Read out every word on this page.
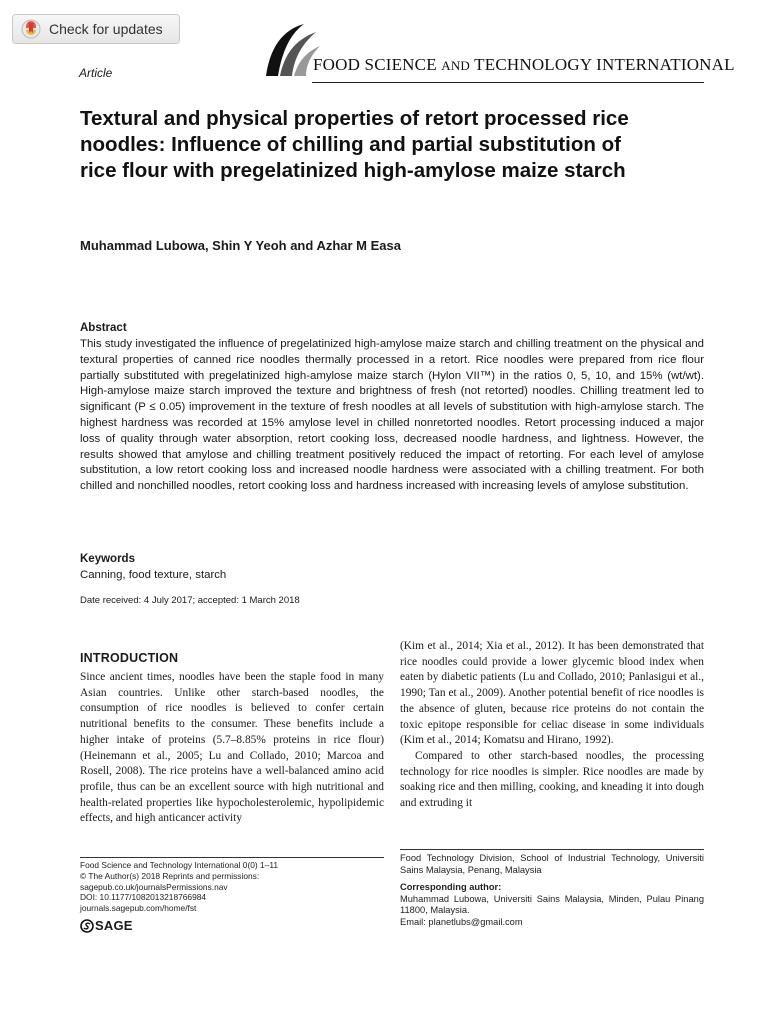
Check for updates
FOOD SCIENCE AND TECHNOLOGY INTERNATIONAL
Article
Textural and physical properties of retort processed rice noodles: Influence of chilling and partial substitution of rice flour with pregelatinized high-amylose maize starch
Muhammad Lubowa, Shin Y Yeoh and Azhar M Easa
Abstract

This study investigated the influence of pregelatinized high-amylose maize starch and chilling treatment on the physical and textural properties of canned rice noodles thermally processed in a retort. Rice noodles were prepared from rice flour partially substituted with pregelatinized high-amylose maize starch (Hylon VII™) in the ratios 0, 5, 10, and 15% (wt/wt). High-amylose maize starch improved the texture and brightness of fresh (not retorted) noodles. Chilling treatment led to significant (P ≤ 0.05) improvement in the texture of fresh noodles at all levels of substitution with high-amylose starch. The highest hardness was recorded at 15% amylose level in chilled nonretorted noodles. Retort processing induced a major loss of quality through water absorption, retort cooking loss, decreased noodle hardness, and lightness. However, the results showed that amylose and chilling treatment positively reduced the impact of retorting. For each level of amylose substitution, a low retort cooking loss and increased noodle hardness were associated with a chilling treatment. For both chilled and nonchilled noodles, retort cooking loss and hardness increased with increasing levels of amylose substitution.

Keywords
Canning, food texture, starch
Date received: 4 July 2017; accepted: 1 March 2018
INTRODUCTION

Since ancient times, noodles have been the staple food in many Asian countries. Unlike other starch-based noodles, the consumption of rice noodles is believed to confer certain nutritional benefits to the consumer. These benefits include a higher intake of proteins (5.7–8.85% proteins in rice flour) (Heinemann et al., 2005; Lu and Collado, 2010; Marcoa and Rosell, 2008). The rice proteins have a well-balanced amino acid profile, thus can be an excellent source with high nutritional and health-related properties like hypocholesterolemic, hypolipidemic effects, and high anticancer activity

(Kim et al., 2014; Xia et al., 2012). It has been demonstrated that rice noodles could provide a lower glycemic blood index when eaten by diabetic patients (Lu and Collado, 2010; Panlasigui et al., 1990; Tan et al., 2009). Another potential benefit of rice noodles is the absence of gluten, because rice proteins do not contain the toxic epitope responsible for celiac disease in some individuals (Kim et al., 2014; Komatsu and Hirano, 1992).

Compared to other starch-based noodles, the processing technology for rice noodles is simpler. Rice noodles are made by soaking rice and then milling, cooking, and kneading it into dough and extruding it

Food Science and Technology International 0(0) 1–11
© The Author(s) 2018 Reprints and permissions:
sagepub.co.uk/journalsPermissions.nav
DOI: 10.1177/1082013218766984
journals.sagepub.com/home/fst
SAGE
Food Technology Division, School of Industrial Technology, Universiti Sains Malaysia, Penang, Malaysia
Corresponding author:
Muhammad Lubowa, Universiti Sains Malaysia, Minden, Pulau Pinang 11800, Malaysia.
Email: planetlubs@gmail.com
